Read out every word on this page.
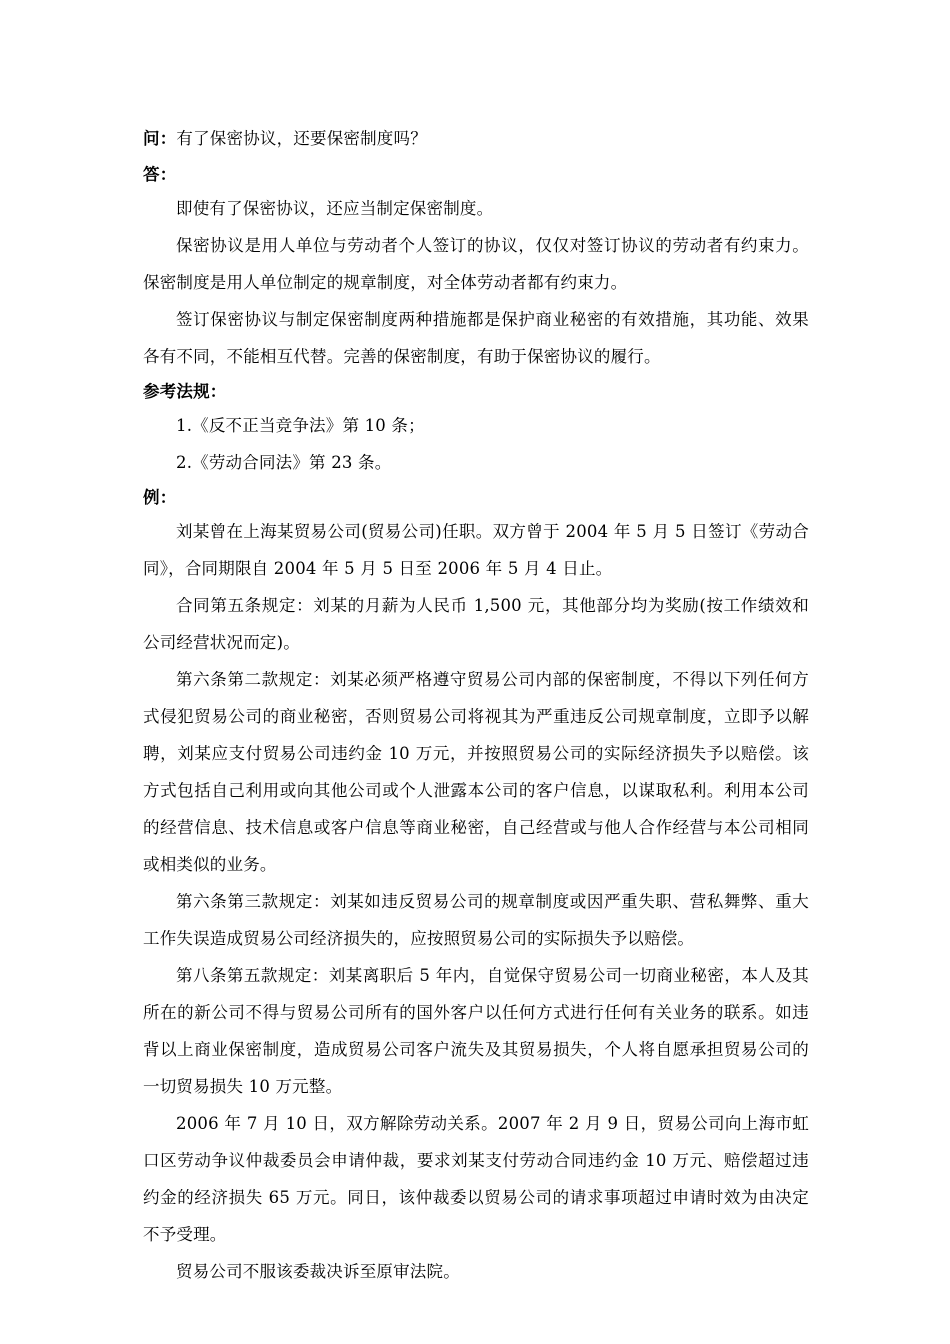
问：有了保密协议，还要保密制度吗？
答：

即使有了保密协议，还应当制定保密制度。

保密协议是用人单位与劳动者个人签订的协议，仅仅对签订协议的劳动者有约束力。保密制度是用人单位制定的规章制度，对全体劳动者都有约束力。

签订保密协议与制定保密制度两种措施都是保护商业秘密的有效措施，其功能、效果各有不同，不能相互代替。完善的保密制度，有助于保密协议的履行。

参考法规：

1.《反不正当竞争法》第 10 条；

2.《劳动合同法》第 23 条。

例：

刘某曾在上海某贸易公司(贸易公司)任职。双方曾于 2004 年 5 月 5 日签订《劳动合同》，合同期限自 2004 年 5 月 5 日至 2006 年 5 月 4 日止。

合同第五条规定：刘某的月薪为人民币 1,500 元，其他部分均为奖励(按工作绩效和公司经营状况而定)。

第六条第二款规定：刘某必须严格遵守贸易公司内部的保密制度，不得以下列任何方式侵犯贸易公司的商业秘密，否则贸易公司将视其为严重违反公司规章制度，立即予以解聘，刘某应支付贸易公司违约金 10 万元，并按照贸易公司的实际经济损失予以赔偿。该方式包括自己利用或向其他公司或个人泄露本公司的客户信息，以谋取私利。利用本公司的经营信息、技术信息或客户信息等商业秘密，自己经营或与他人合作经营与本公司相同或相类似的业务。

第六条第三款规定：刘某如违反贸易公司的规章制度或因严重失职、营私舞弊、重大工作失误造成贸易公司经济损失的，应按照贸易公司的实际损失予以赔偿。

第八条第五款规定：刘某离职后 5 年内，自觉保守贸易公司一切商业秘密，本人及其所在的新公司不得与贸易公司所有的国外客户以任何方式进行任何有关业务的联系。如违背以上商业保密制度，造成贸易公司客户流失及其贸易损失，个人将自愿承担贸易公司的一切贸易损失 10 万元整。

2006 年 7 月 10 日，双方解除劳动关系。2007 年 2 月 9 日，贸易公司向上海市虹口区劳动争议仲裁委员会申请仲裁，要求刘某支付劳动合同违约金 10 万元、赔偿超过违约金的经济损失 65 万元。同日，该仲裁委以贸易公司的请求事项超过申请时效为由决定不予受理。

贸易公司不服该委裁决诉至原审法院。
